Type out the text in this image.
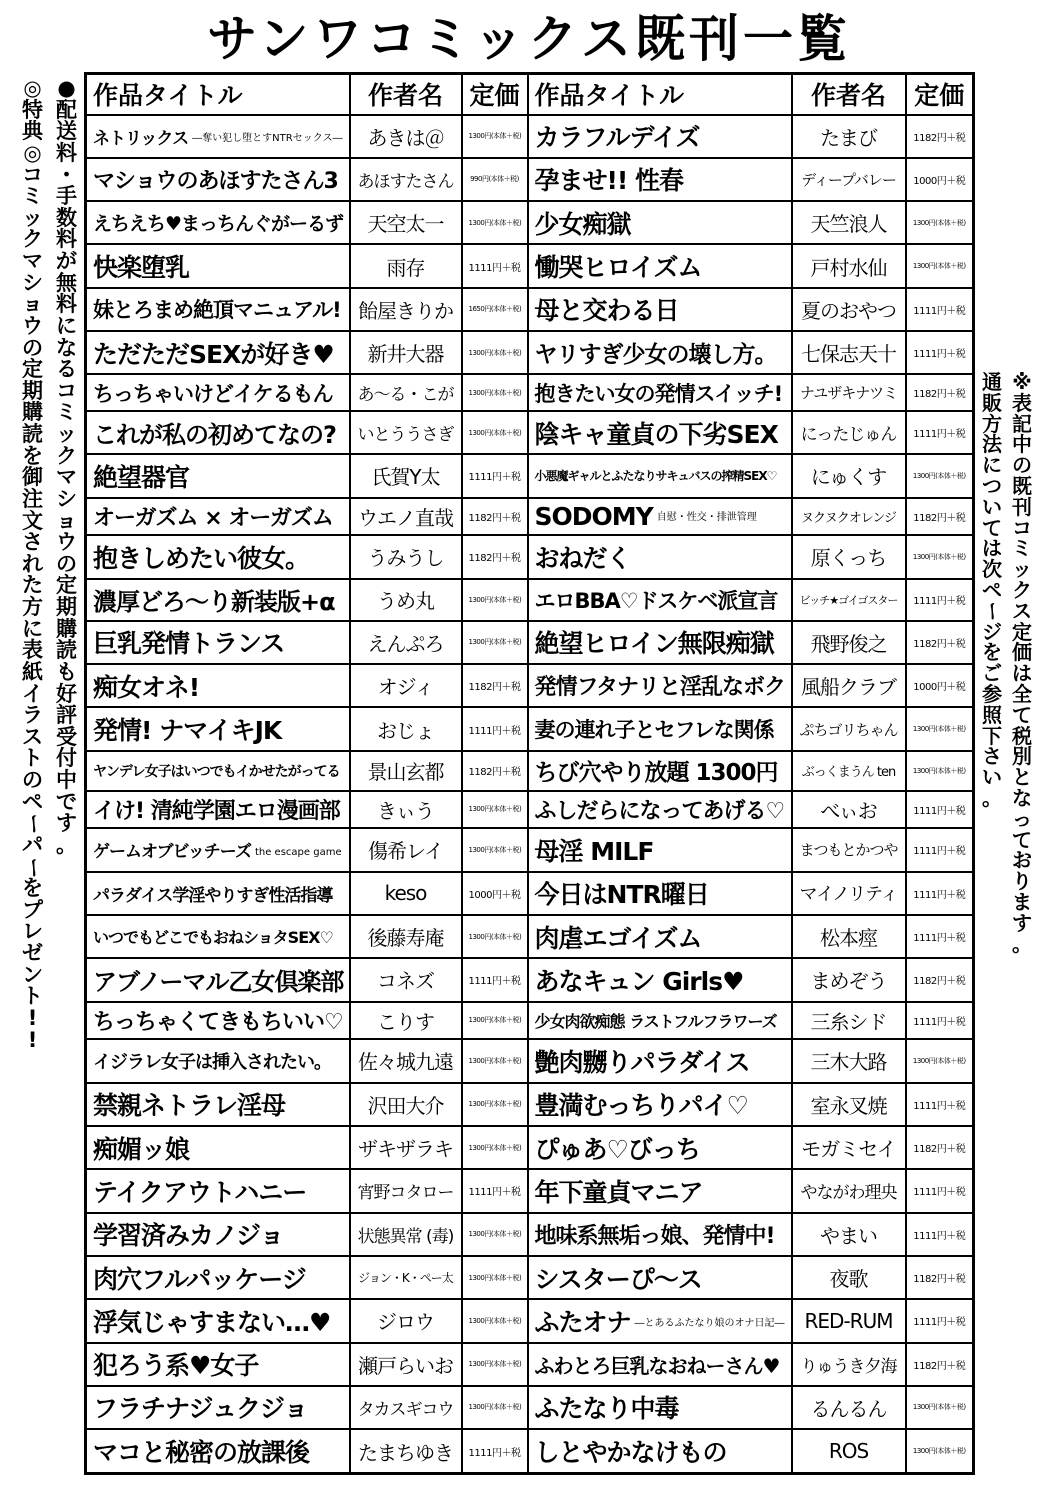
サンワコミックス既刊一覧
◎
特
典
◎
コ
ミ
ッ
ク
マ
シ
ョ
ウ
の
定
期
購
読
を
御
注
文
さ
れ
た
方
に
表
紙
イ
ラ
ス
ト
の
ペ
ー
パ
ー
を
プ
レ
ゼ
ン
ト
!
!
●
配
送
料
・
手
数
料
が
無
料
に
な
る
コ
ミ
ッ
ク
マ
シ
ョ
ウ
の
定
期
購
読
も
好
評
受
付
中
で
す
。
通
販
方
法
に
つ
い
て
は
次
ペ
ー
ジ
を
ご
参
照
下
さ
い
。
※
表
記
中
の
既
刊
コ
ミ
ッ
ク
ス
定
価
は
全
て
税
別
と
な
っ
て
お
り
ま
す
。
作品タイトル	作者名	定価	作品タイトル	作者名	定価
ネトリックス ―奪い犯し堕とすNTRセックス―	あきは＠	1300円(本体＋税)	カラフルデイズ	たまび	1182円＋税
マショウのあほすたさん3	あほすたさん	990円(本体＋税)	孕ませ!! 性春	ディープバレー	1000円＋税
えちえち♥まっちんぐがーるず	天空太一	1300円(本体＋税)	少女痴獄	天竺浪人	1300円(本体＋税)
快楽堕乳	雨存	1111円＋税	慟哭ヒロイズム	戸村水仙	1300円(本体＋税)
妹とろまめ絶頂マニュアル!	飴屋きりか	1650円(本体＋税)	母と交わる日	夏のおやつ	1111円＋税
ただただSEXが好き♥	新井大器	1300円(本体＋税)	ヤリすぎ少女の壊し方。	七保志天十	1111円＋税
ちっちゃいけどイケるもん	あ〜る・こが	1300円(本体＋税)	抱きたい女の発情スイッチ!	ナユザキナツミ	1182円＋税
これが私の初めてなの?	いとううさぎ	1300円(本体＋税)	陰キャ童貞の下劣SEX	にったじゅん	1111円＋税
絶望器官	氏賀Y太	1111円＋税	小悪魔ギャルとふたなりサキュバスの搾精SEX♡	にゅくす	1300円(本体＋税)
オーガズム × オーガズム	ウエノ直哉	1182円＋税	SODOMY 自慰・性交・排泄管理	ヌクヌクオレンジ	1182円＋税
抱きしめたい彼女。	うみうし	1182円＋税	おねだく	原くっち	1300円(本体＋税)
濃厚どろ〜り新装版+α	うめ丸	1300円(本体＋税)	エロBBA♡ドスケベ派宣言	ビッチ★ゴイゴスター	1111円＋税
巨乳発情トランス	えんぷろ	1300円(本体＋税)	絶望ヒロイン無限痴獄	飛野俊之	1182円＋税
痴女オネ!	オジィ	1182円＋税	発情フタナリと淫乱なボク	風船クラブ	1000円＋税
発情! ナマイキJK	おじょ	1111円＋税	妻の連れ子とセフレな関係	ぷちゴリちゃん	1300円(本体＋税)
ヤンデレ女子はいつでもイかせたがってる	景山玄都	1182円＋税	ちび穴やり放題 1300円	ぶっくまうん ten	1300円(本体＋税)
イけ! 清純学園エロ漫画部	きぃう	1300円(本体＋税)	ふしだらになってあげる♡	べぃお	1111円＋税
ゲームオブビッチーズ the escape game	傷希レイ	1300円(本体＋税)	母淫 MILF	まつもとかつや	1111円＋税
パラダイス学淫やりすぎ性活指導	keso	1000円＋税	今日はNTR曜日	マイノリティ	1111円＋税
いつでもどこでもおねショタSEX♡	後藤寿庵	1300円(本体＋税)	肉虐エゴイズム	松本痙	1111円＋税
アブノーマル乙女倶楽部	コネズ	1111円＋税	あなキュン Girls♥	まめぞう	1182円＋税
ちっちゃくてきもちいい♡	こりす	1300円(本体＋税)	少女肉欲痴態 ラストフルフラワーズ	三糸シド	1111円＋税
イジラレ女子は挿入されたい。	佐々城九遠	1300円(本体＋税)	艶肉嬲りパラダイス	三木大路	1300円(本体＋税)
禁親ネトラレ淫母	沢田大介	1300円(本体＋税)	豊満むっちりパイ♡	室永叉焼	1111円＋税
痴媚ッ娘	ザキザラキ	1300円(本体＋税)	ぴゅあ♡びっち	モガミセイ	1182円＋税
テイクアウトハニー	宵野コタロー	1111円＋税	年下童貞マニア	やながわ理央	1111円＋税
学習済みカノジョ	状態異常 (毒)	1300円(本体＋税)	地味系無垢っ娘、発情中!	やまい	1111円＋税
肉穴フルパッケージ	ジョン・K・ペー太	1300円(本体＋税)	シスターぴ〜ス	夜歌	1182円＋税
浮気じゃすまない…♥	ジロウ	1300円(本体＋税)	ふたオナ ―とあるふたなり娘のオナ日記―	RED-RUM	1111円＋税
犯ろう系♥女子	瀬戸らいお	1300円(本体＋税)	ふわとろ巨乳なおねーさん♥	りゅうき夕海	1182円＋税
フラチナジュクジョ	タカスギコウ	1300円(本体＋税)	ふたなり中毒	るんるん	1300円(本体＋税)
マコと秘密の放課後	たまちゆき	1111円＋税	しとやかなけもの	ROS	1300円(本体＋税)
